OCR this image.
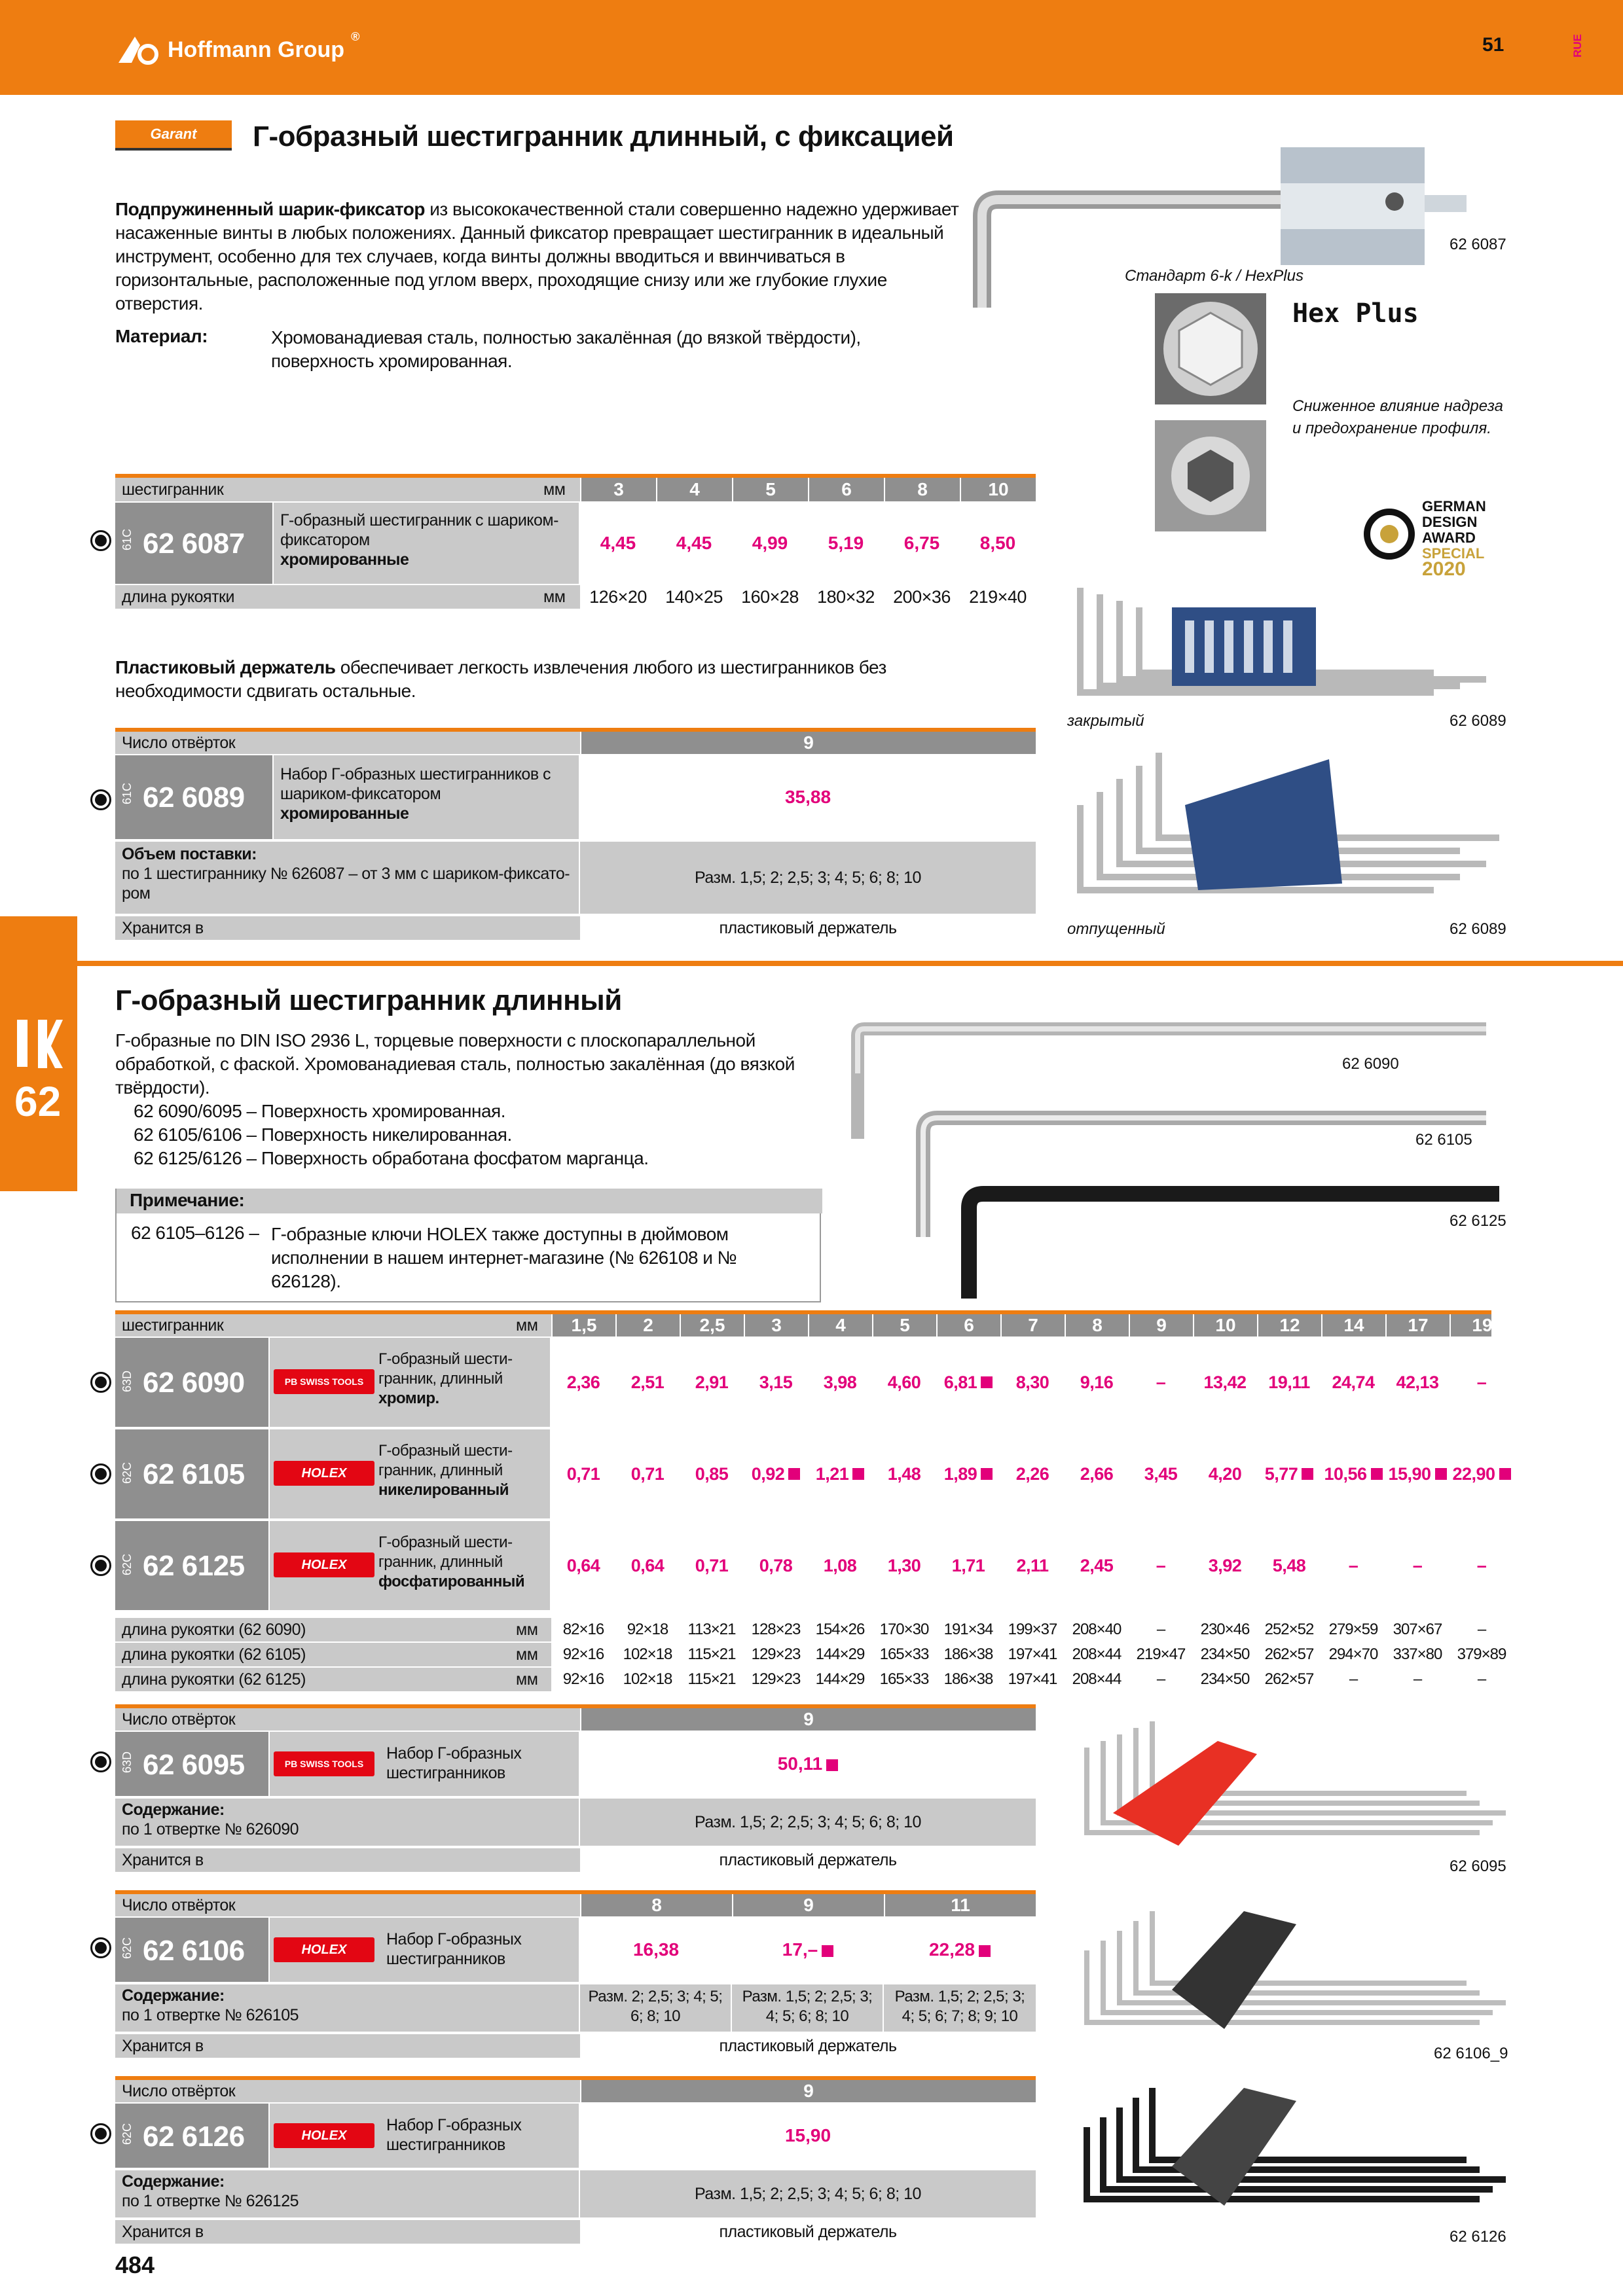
Hoffmann Group
®	51	RUE
62
Garant	Г-образный шестигранник длинный, с фиксацией

Подпружиненный шарик-фиксатор из высококачественной стали совершенно надежно удерживает насаженные винты в любых положениях. Данный фиксатор превращает шестигранник в идеальный инструмент, особенно для тех случаев, когда винты должны вводиться и ввинчиваться в горизонтальные, расположенные под углом вверх, проходящие снизу или же глубокие глухие отверстия.

Материал:	Хромованадиевая сталь, полностью закалённая (до вязкой твёрдости), поверхность хромированная.
62 6087
Стандарт 6-k / HexPlus
Hex Plus
Сниженное влияние надреза и предохранение профиля.
GERMAN
DESIGN
AWARD
SPECIAL
2020
шестигранник	мм	3	4	5	6	8	10
61C 62 6087
Г-образный шестигранник с шариком-фиксатором
хромированные
4,45	4,45	4,99	5,19	6,75	8,50
длина рукоятки	мм	126×20	140×25	160×28	180×32	200×36	219×40

Пластиковый держатель обеспечивает легкость извлечения любого из шестигранников без необходимости сдвигать остальные.

Число отвёрток	9
61C 62 6089
Набор Г-образных шестигранников с шариком-фиксатором
хромированные
35,88
Объем поставки:
по 1 шестиграннику № 626087 – от 3 мм с шариком-фиксатором
Разм. 1,5; 2; 2,5; 3; 4; 5; 6; 8; 10
Хранится в	пластиковый держатель
закрытый	62 6089
отпущенный	62 6089
Г-образный шестигранник длинный

Г-образные по DIN ISO 2936 L, торцевые поверхности с плоскопараллельной обработкой, с фаской. Хромованадиевая сталь, полностью закалённая (до вязкой твёрдости).

62 6090/6095 – Поверхность хромированная.
62 6105/6106 – Поверхность никелированная.
62 6125/6126 – Поверхность обработана фосфатом марганца.
Примечание:
62 6105–6126 – Г-образные ключи HOLEX также доступны в дюймовом исполнении в нашем интернет-магазине (№ 626108 и № 626128).
62 6090
62 6105
62 6125
шестигранник	мм	1,5	2	2,5	3	4	5	6	7	8	9	10	12	14	17	19
63D 62 6090	PB SWISS TOOLS
Г-образный шестигранник, длинный
хромир.
2,36 2,51 2,91 3,15 3,98 4,60 6,81 8,30 9,16 – 13,42 19,11 24,74 42,13 –
62C 62 6105	HOLEX
Г-образный шестигранник, длинный
никелированный
0,71 0,71 0,85 0,92 1,21 1,48 1,89 2,26 2,66 3,45 4,20 5,77 10,56 15,90 22,90
62C 62 6125	HOLEX
Г-образный шестигранник, длинный
фосфатированный
0,64 0,64 0,71 0,78 1,08 1,30 1,71 2,11 2,45 – 3,92 5,48 –	–	–
длина рукоятки (62 6090)	мм	82×16	92×18	113×21	128×23 154×26 170×30 191×34 199×37 208×40	–	230×46 252×52 279×59 307×67	–
длина рукоятки (62 6105)	мм	92×16	102×18	115×21	129×23 144×29 165×33 186×38 197×41 208×44 219×47 234×50 262×57 294×70 337×80 379×89
длина рукоятки (62 6125)	мм	92×16	102×18	115×21	129×23 144×29 165×33 186×38 197×41 208×44	–	234×50 262×57	–	–	–
Число отвёрток	9
63D 62 6095	PB SWISS TOOLS
Набор Г-образных шестигранников	50,11
Содержание:
по 1 отвертке № 626090	Разм. 1,5; 2; 2,5; 3; 4; 5; 6; 8; 10
Хранится в	пластиковый держатель
Число отвёрток	8	9	11
62C 62 6106	HOLEX
Набор Г-образных шестигранников	16,38	17,–	22,28
Содержание:
по 1 отвертке № 626105
Разм. 2; 2,5; 3; 4; 5; 6; 8; 10
Разм. 1,5; 2; 2,5; 3; 4; 5; 6; 8; 10
Разм. 1,5; 2; 2,5; 3; 4; 5; 6; 7; 8; 9; 10
Хранится в	пластиковый держатель
Число отвёрток	9
62C 62 6126	HOLEX
Набор Г-образных шестигранников	15,90
Содержание:
по 1 отвертке № 626125	Разм. 1,5; 2; 2,5; 3; 4; 5; 6; 8; 10
Хранится в	пластиковый держатель
62 6095
62 6106_9
62 6126
484
